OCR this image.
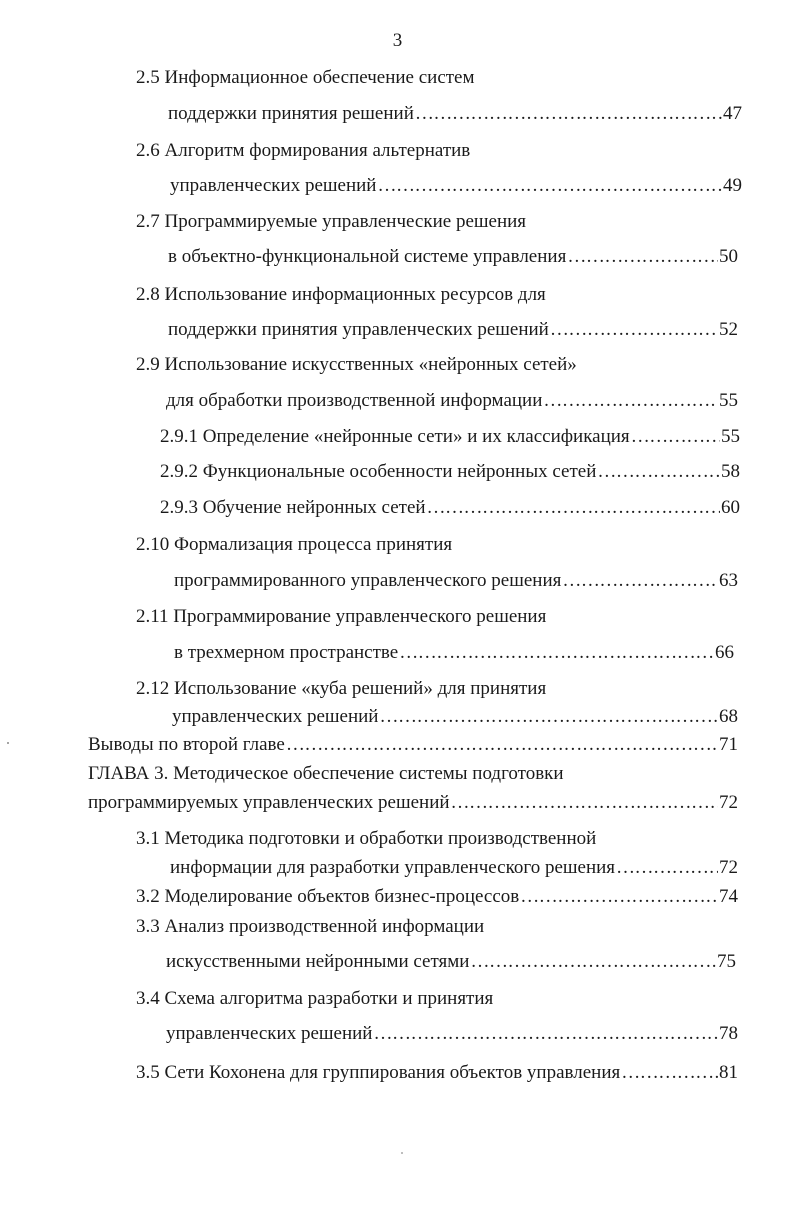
3
2.5 Информационное обеспечение систем
поддержки принятия решений ……………………………………………………………………………………………………………………………………………	47
2.6 Алгоритм формирования альтернатив
управленческих решений ……………………………………………………………………………………………………………………………………………	49
2.7 Программируемые управленческие решения
в объектно-функциональной системе управления ……………………………………………………………………………………………………………………………………………	50
2.8 Использование информационных ресурсов для
поддержки принятия управленческих решений ……………………………………………………………………………………………………………………………………………	52
2.9 Использование искусственных «нейронных сетей»
для обработки производственной информации ……………………………………………………………………………………………………………………………………………	55
2.9.1 Определение «нейронные сети» и их классификация ……………………………………………………………………………………………………………………………………………	55
2.9.2 Функциональные особенности нейронных сетей ……………………………………………………………………………………………………………………………………………	58
2.9.3 Обучение нейронных сетей ……………………………………………………………………………………………………………………………………………	60
2.10 Формализация процесса принятия
программированного управленческого решения ……………………………………………………………………………………………………………………………………………	63
2.11 Программирование управленческого решения
в трехмерном пространстве ……………………………………………………………………………………………………………………………………………	66
2.12 Использование «куба решений» для принятия
управленческих решений ……………………………………………………………………………………………………………………………………………	68
Выводы по второй главе ……………………………………………………………………………………………………………………………………………	71
ГЛАВА 3. Методическое обеспечение системы подготовки
программируемых управленческих решений ……………………………………………………………………………………………………………………………………………	72
3.1 Методика подготовки и обработки производственной
информации для разработки управленческого решения ……………………………………………………………………………………………………………………………………………	72
3.2 Моделирование объектов бизнес-процессов ……………………………………………………………………………………………………………………………………………	74
3.3 Анализ производственной информации
искусственными нейронными сетями ……………………………………………………………………………………………………………………………………………	75
3.4 Схема алгоритма разработки и принятия
управленческих решений ……………………………………………………………………………………………………………………………………………	78
3.5 Сети Кохонена для группирования объектов управления ……………………………………………………………………………………………………………………………………………	81
